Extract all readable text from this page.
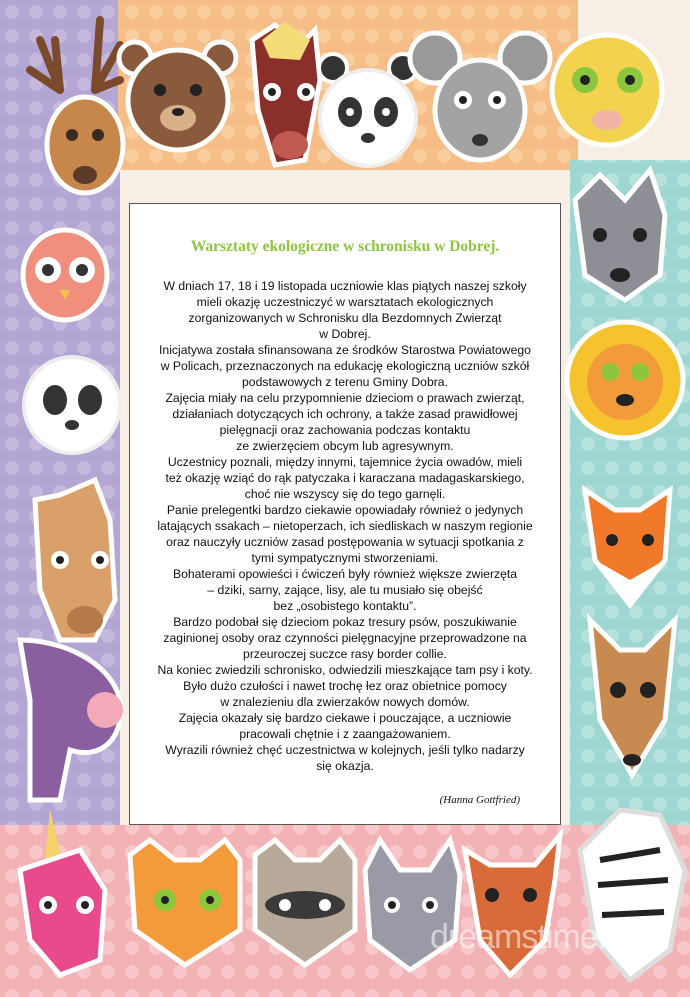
Warsztaty ekologiczne w schronisku w Dobrej.

W dniach 17, 18 i 19 listopada uczniowie klas piątych naszej szkoły

mieli okazję uczestniczyć w warsztatach ekologicznych

zorganizowanych w Schronisku dla Bezdomnych Zwierząt

w Dobrej.

Inicjatywa została sfinansowana ze środków Starostwa Powiatowego

w Policach, przeznaczonych na edukację ekologiczną uczniów szkół

podstawowych z terenu Gminy Dobra.

Zajęcia miały na celu przypomnienie dzieciom o prawach zwierząt,

działaniach dotyczących ich ochrony, a także zasad prawidłowej

pielęgnacji oraz zachowania podczas kontaktu

ze zwierzęciem obcym lub agresywnym.

Uczestnicy poznali, między innymi, tajemnice życia owadów, mieli

też okazję wziąć do rąk patyczaka i karaczana madagaskarskiego,

choć nie wszyscy się do tego garnęli.

Panie prelegentki bardzo ciekawie opowiadały również o jedynych

latających ssakach – nietoperzach, ich siedliskach w naszym regionie

oraz nauczyły uczniów zasad postępowania w sytuacji spotkania z

tymi sympatycznymi stworzeniami.

Bohaterami opowieści i ćwiczeń były również większe zwierzęta

– dziki, sarny, zające, lisy, ale tu musiało się obejść

bez „osobistego kontaktu”.

Bardzo podobał się dzieciom pokaz tresury psów, poszukiwanie

zaginionej osoby oraz czynności pielęgnacyjne przeprowadzone na

przeuroczej suczce rasy border collie.

Na koniec zwiedzili schronisko, odwiedzili mieszkające tam psy i koty.

Było dużo czułości i nawet trochę łez oraz obietnice pomocy

w znalezieniu dla zwierzaków nowych domów.

Zajęcia okazały się bardzo ciekawe i pouczające, a uczniowie

pracowali chętnie i z zaangażowaniem.

Wyrazili również chęć uczestnictwa w kolejnych, jeśli tylko nadarzy

się okazja.

(Hanna Gottfried)
dreamstime.com
